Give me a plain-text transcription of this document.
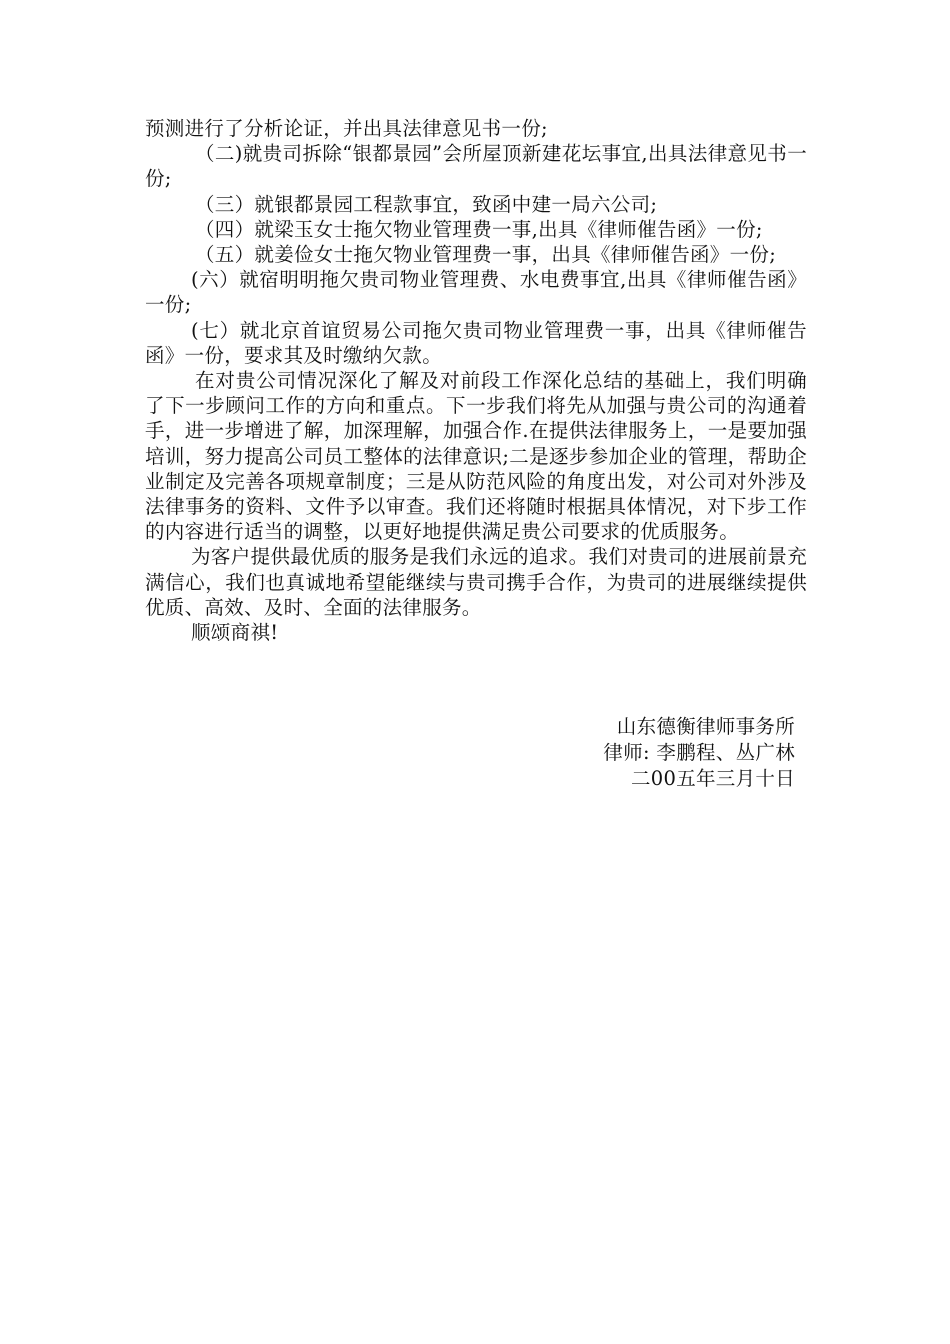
预测进行了分析论证，并出具法律意见书一份;

（二)就贵司拆除“银都景园”会所屋顶新建花坛事宜,出具法律意见书一份;

（三）就银都景园工程款事宜，致函中建一局六公司;

（四）就梁玉女士拖欠物业管理费一事,出具《律师催告函》一份;

（五）就姜俭女士拖欠物业管理费一事，出具《律师催告函》一份;

(六）就宿明明拖欠贵司物业管理费、水电费事宜,出具《律师催告函》一份;

(七）就北京首谊贸易公司拖欠贵司物业管理费一事，出具《律师催告函》一份，要求其及时缴纳欠款。

在对贵公司情况深化了解及对前段工作深化总结的基础上，我们明确了下一步顾问工作的方向和重点。下一步我们将先从加强与贵公司的沟通着手，进一步增进了解，加深理解，加强合作.在提供法律服务上，一是要加强培训，努力提高公司员工整体的法律意识;二是逐步参加企业的管理，帮助企业制定及完善各项规章制度；三是从防范风险的角度出发，对公司对外涉及法律事务的资料、文件予以审查。我们还将随时根据具体情况，对下步工作的内容进行适当的调整，以更好地提供满足贵公司要求的优质服务。

为客户提供最优质的服务是我们永远的追求。我们对贵司的进展前景充满信心，我们也真诚地希望能继续与贵司携手合作，为贵司的进展继续提供优质、高效、及时、全面的法律服务。

顺颂商祺!

山东德衡律师事务所
律师: 李鹏程、丛广林
二00五年三月十日
